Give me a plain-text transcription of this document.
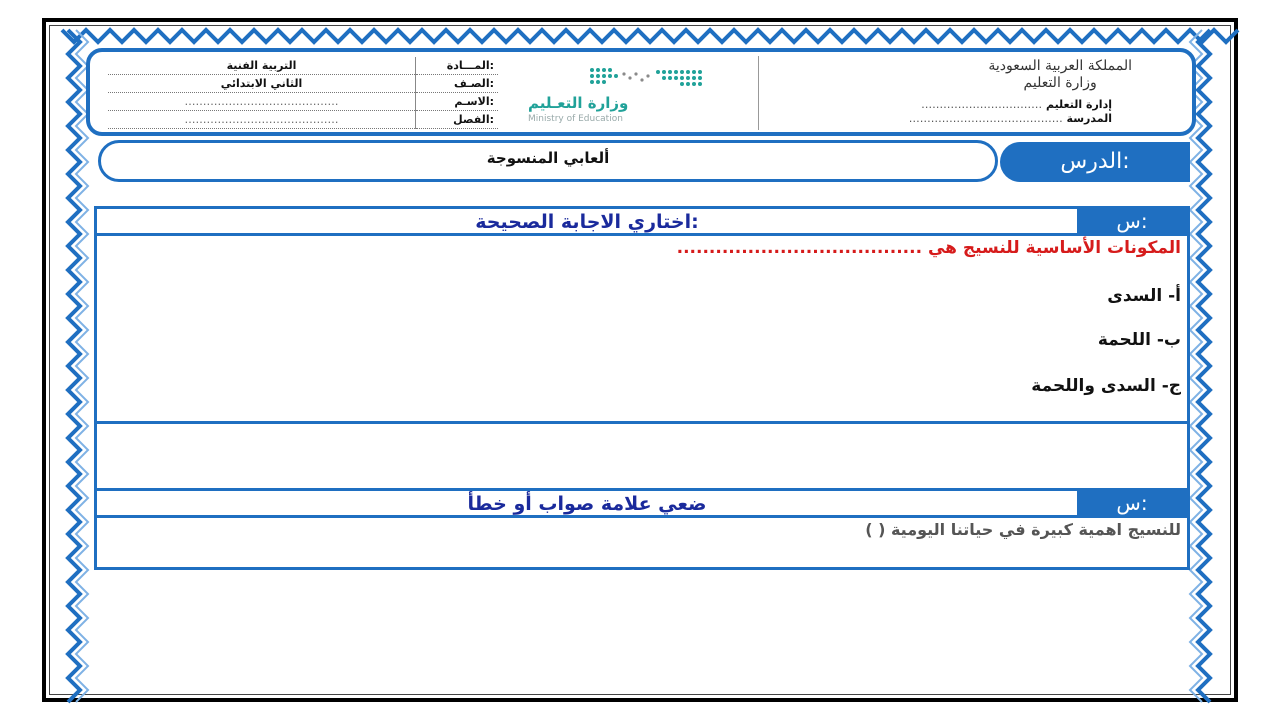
التربية الفنية	المـــادة:
الثاني الابتدائي	الصـف:
……………………………………	الاسـم:
……………………………………	الفصل:
وزارة التعـليم
Ministry of Education
المملكة العربية السعودية
وزارة التعليم
…………………………… إدارة التعليم
…………………………………… المدرسة
ألعابي المنسوجة	الدرس:
اختاري الاجابة الصحيحة:	س:
المكونات الأساسية للنسيج هي ......................................
أ- السدى
ب- اللحمة
ج- السدى واللحمة
ضعي علامة صواب أو خطأ	س:
للنسيج اهمية كبيرة في حياتنا اليومية ( )
